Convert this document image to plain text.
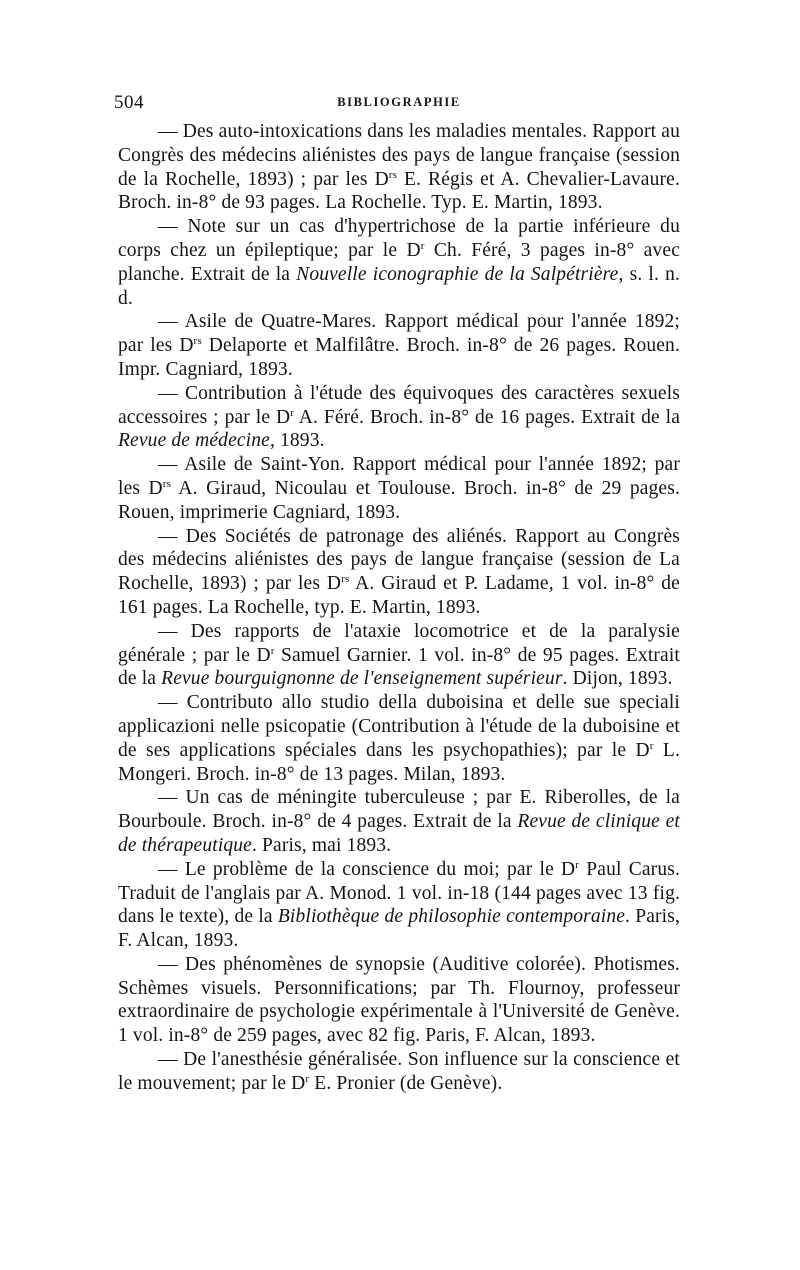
504	BIBLIOGRAPHIE

— Des auto-intoxications dans les maladies mentales. Rapport au Congrès des médecins aliénistes des pays de langue française (session de la Rochelle, 1893) ; par les $D^{rs}$ E. Régis et A. Chevalier-Lavaure. Broch. in-8° de 93 pages. La Rochelle. Typ. E. Martin, 1893.

— Note sur un cas d'hypertrichose de la partie inférieure du corps chez un épileptique; par le $D^r$ Ch. Féré, 3 pages in-8° avec planche. Extrait de la Nouvelle iconographie de la Salpétrière, s. l. n. d.

— Asile de Quatre-Mares. Rapport médical pour l'année 1892; par les $D^{rs}$ Delaporte et Malfilâtre. Broch. in-8° de 26 pages. Rouen. Impr. Cagniard, 1893.

— Contribution à l'étude des équivoques des caractères sexuels accessoires ; par le $D^r$ A. Féré. Broch. in-8° de 16 pages. Extrait de la Revue de médecine, 1893.

— Asile de Saint-Yon. Rapport médical pour l'année 1892; par les $D^{rs}$ A. Giraud, Nicoulau et Toulouse. Broch. in-8° de 29 pages. Rouen, imprimerie Cagniard, 1893.

— Des Sociétés de patronage des aliénés. Rapport au Congrès des médecins aliénistes des pays de langue française (session de La Rochelle, 1893) ; par les $D^{rs}$ A. Giraud et P. Ladame, 1 vol. in-8° de 161 pages. La Rochelle, typ. E. Martin, 1893.

— Des rapports de l'ataxie locomotrice et de la paralysie générale ; par le $D^r$ Samuel Garnier. 1 vol. in-8° de 95 pages. Extrait de la Revue bourguignonne de l'enseignement supérieur. Dijon, 1893.

— Contributo allo studio della duboisina et delle sue speciali applicazioni nelle psicopatie (Contribution à l'étude de la duboisine et de ses applications spéciales dans les psychopathies); par le $D^r$ L. Mongeri. Broch. in-8° de 13 pages. Milan, 1893.

— Un cas de méningite tuberculeuse ; par E. Riberolles, de la Bourboule. Broch. in-8° de 4 pages. Extrait de la Revue de clinique et de thérapeutique. Paris, mai 1893.

— Le problème de la conscience du moi; par le $D^r$ Paul Carus. Traduit de l'anglais par A. Monod. 1 vol. in-18 (144 pages avec 13 fig. dans le texte), de la Bibliothèque de philosophie contemporaine. Paris, F. Alcan, 1893.

— Des phénomènes de synopsie (Auditive colorée). Photismes. Schèmes visuels. Personnifications; par Th. Flournoy, professeur extraordinaire de psychologie expérimentale à l'Université de Genève. 1 vol. in-8° de 259 pages, avec 82 fig. Paris, F. Alcan, 1893.

— De l'anesthésie généralisée. Son influence sur la conscience et le mouvement; par le $D^r$ E. Pronier (de Genève).
